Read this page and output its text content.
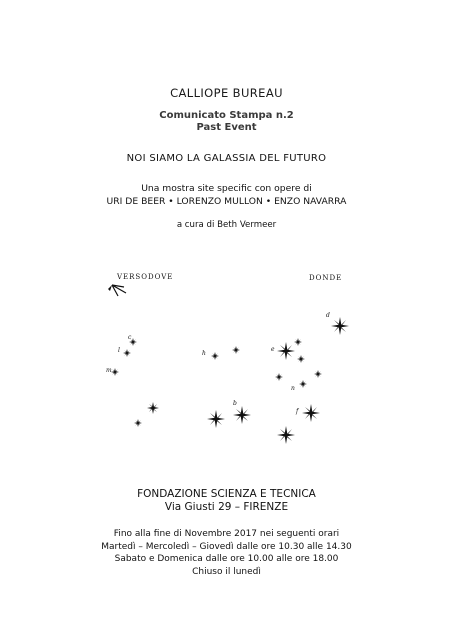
CALLIOPE BUREAU
Comunicato Stampa n.2
Past Event
NOI SIAMO LA GALASSIA DEL FUTURO
Una mostra site specific con opere di
URI DE BEER • LORENZO MULLON • ENZO NAVARRA
a cura di Beth Vermeer
VERSODOVE	DONDE
c
l
m
h
e
b
d
n
f
FONDAZIONE SCIENZA E TECNICA
Via Giusti 29 – FIRENZE
Fino alla fine di Novembre 2017 nei seguenti orari
Martedì – Mercoledì – Giovedì dalle ore 10.30 alle 14.30
Sabato e Domenica dalle ore 10.00 alle ore 18.00
Chiuso il lunedì
